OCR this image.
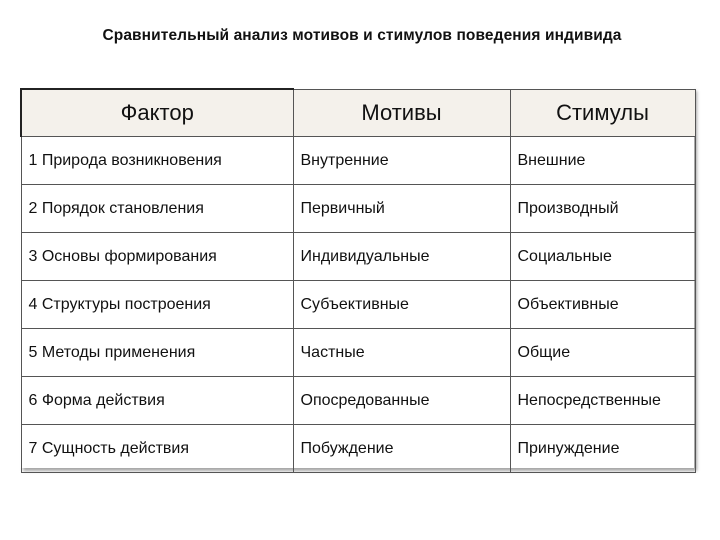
Сравнительный анализ мотивов и стимулов поведения индивида
Фактор	Мотивы	Стимулы
1 Природа возникновения	Внутренние	Внешние
2 Порядок становления	Первичный	Производный
3 Основы формирования	Индивидуальные	Социальные
4 Структуры построения	Субъективные	Объективные
5 Методы применения	Частные	Общие
6 Форма действия	Опосредованные	Непосредственные
7 Сущность действия	Побуждение	Принуждение
